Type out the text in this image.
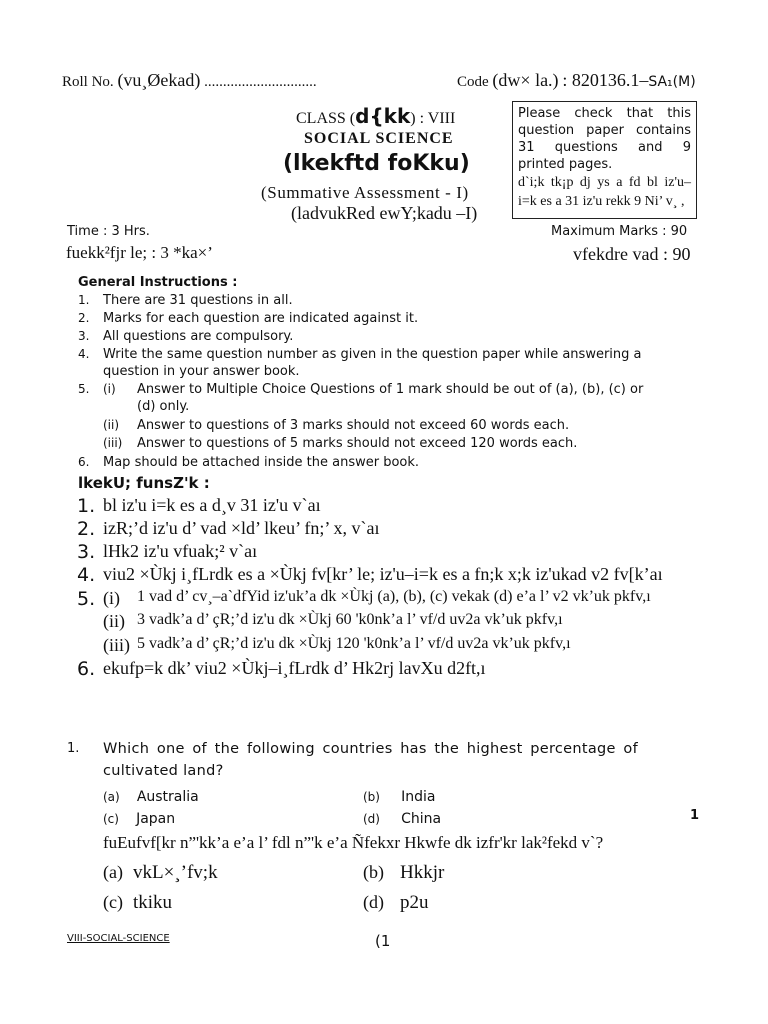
Roll No. (vu¸Øekad) ..............................	Code (dw× la.) : 820136.1–SA₁(M)
CLASS (d{kk) : VIII
SOCIAL SCIENCE
(lkekftd foKku)
(Summative Assessment - I)
(ladvukRed ewY;kadu –I)
Please check that this question paper contains 31 questions and 9 printed pages.
d`i;k tk¡p dj ys a fd bl iz'u– i=k es a 31 iz'u rekk 9 Ni’ v¸ ,
Time : 3 Hrs.
fuekk²fjr le; : 3 *ka×’
Maximum Marks : 90
vfekdre vad : 90
General Instructions :
1. There are 31 questions in all.
2. Marks for each question are indicated against it.
3. All questions are compulsory.
4. Write the same question number as given in the question paper while answering a
question in your answer book.
5. (i) Answer to Multiple Choice Questions of 1 mark should be out of (a), (b), (c) or
(d) only.
(ii) Answer to questions of 3 marks should not exceed 60 words each.
(iii) Answer to questions of 5 marks should not exceed 120 words each.
6. Map should be attached inside the answer book.
lkekU; funsZ'k :
1. bl iz'u i=k es a d¸v 31 iz'u v`aı
2. izR;’d iz'u d’ vad ×ld’ lkeu’ fn;’ x, v`aı
3. lHk2 iz'u vfuak;² v`aı
4. viu2 ×Ùkj i¸fLrdk es a ×Ùkj fv[kr’ le; iz'u–i=k es a fn;k x;k iz'ukad v2 fv[k’aı
5. (i) 1 vad d’ cv¸–a`dfYid iz'uk’a dk ×Ùkj (a), (b), (c) vekak (d) e’a l’ v2 vk’uk pkfv,ı
(ii) 3 vadk’a d’ çR;’d iz'u dk ×Ùkj 60 'k0nk’a l’ vf/d uv2a vk’uk pkfv,ı
(iii) 5 vadk’a d’ çR;’d iz'u dk ×Ùkj 120 'k0nk’a l’ vf/d uv2a vk’uk pkfv,ı
6. ekufp=k dk’ viu2 ×Ùkj–i¸fLrdk d’ Hk2rj lavXu d2ft,ı
1. Which one of the following countries has the highest percentage of cultivated land?
(a) Australia	(b) India
(c) Japan	(d) China	1
fuEufvf[kr n”'kk’a e’a l’ fdl n”'k e’a Ñfekxr Hkwfe dk izfr'kr lak²fekd v`?
(a) vkL×¸’fv;k	(b) Hkkjr
(c) tkiku	(d) p2u
VIII-SOCIAL-SCIENCE	(1
